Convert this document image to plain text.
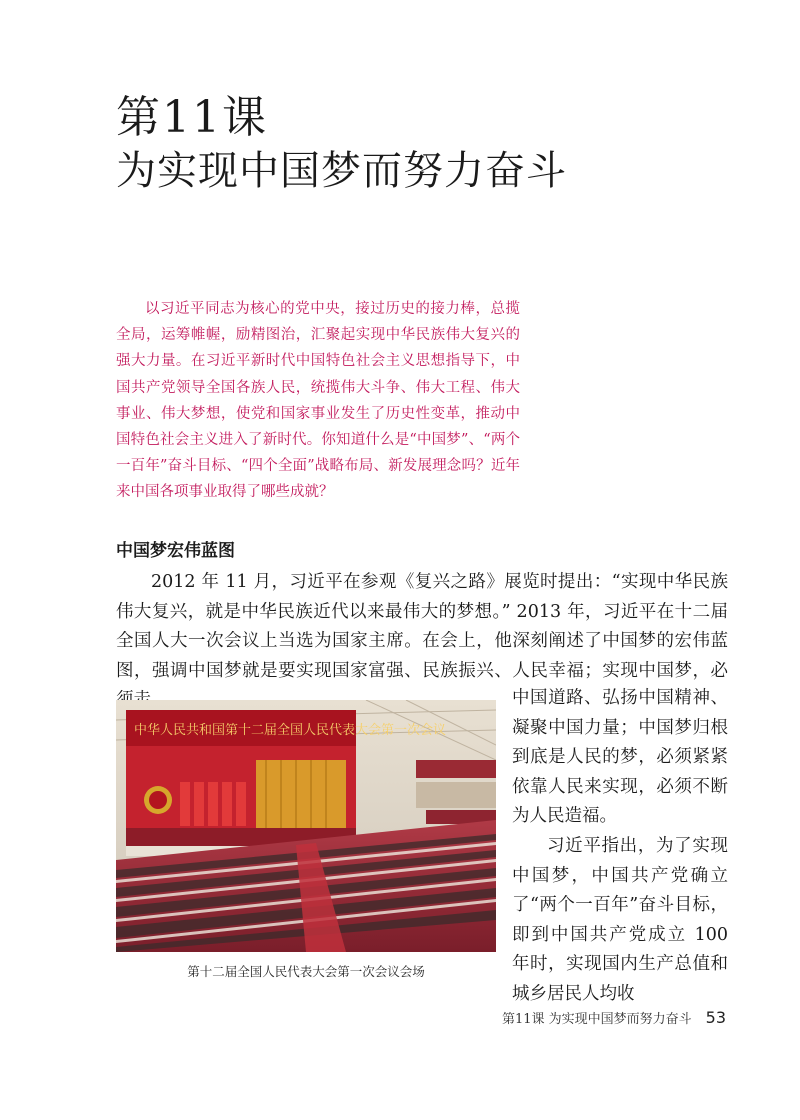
第11课
为实现中国梦而努力奋斗

以习近平同志为核心的党中央，接过历史的接力棒，总揽全局，运筹帷幄，励精图治，汇聚起实现中华民族伟大复兴的强大力量。在习近平新时代中国特色社会主义思想指导下，中国共产党领导全国各族人民，统揽伟大斗争、伟大工程、伟大事业、伟大梦想，使党和国家事业发生了历史性变革，推动中国特色社会主义进入了新时代。你知道什么是“中国梦”、“两个一百年”奋斗目标、“四个全面”战略布局、新发展理念吗？近年来中国各项事业取得了哪些成就？

中国梦宏伟蓝图

2012 年 11 月，习近平在参观《复兴之路》展览时提出：“实现中华民族伟大复兴，就是中华民族近代以来最伟大的梦想。” 2013 年，习近平在十二届全国人大一次会议上当选为国家主席。在会上，他深刻阐述了中国梦的宏伟蓝图，强调中国梦就是要实现国家富强、民族振兴、人民幸福；实现中国梦，必

中华人民共和国第十二届全国人民代表大会第一次会议

第十二届全国人民代表大会第一次会议会场

中国道路、弘扬中国精神、凝聚中国力量；中国梦归根到底是人民的梦，必须紧紧依靠人民来实现，必须不断为人民造福。

习近平指出，为了实现中国梦，中国共产党确立了“两个一百年”奋斗目标，即到中国共产党成立 100 年时，实现国内生产总值和城乡居民人均收

第11课 为实现中国梦而努力奋斗 53
